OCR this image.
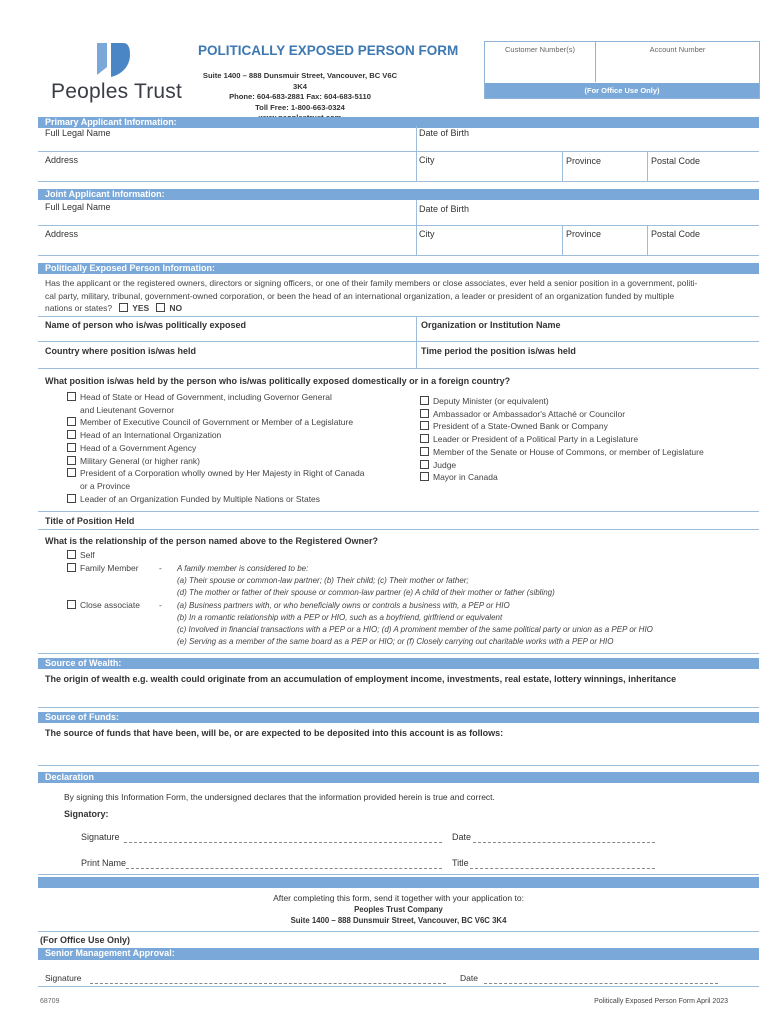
Peoples Trust
POLITICALLY EXPOSED PERSON FORM
Suite 1400 – 888 Dunsmuir Street, Vancouver, BC V6C 3K4
Phone: 604-683-2881 Fax: 604-683-5110
Toll Free: 1-800-663-0324
Customer Number(s)	Account Number
(For Office Use Only)
Primary Applicant Information:
Full Legal Name	Date of Birth
Address	City	Province	Postal Code
Joint Applicant Information:
Full Legal Name	Date of Birth
Address	City	Province	Postal Code
Politically Exposed Person Information:
Has the applicant or the registered owners, directors or signing officers, or one of their family members or close associates, ever held a senior position in a government, politi-
cal party, military, tribunal, government-owned corporation, or been the head of an international organization, a leader or president of an organization funded by multiple
nations or states? YES NO
Name of person who is/was politically exposed	Organization or Institution Name
Country where position is/was held	Time period the position is/was held
What position is/was held by the person who is/was politically exposed domestically or in a foreign country?
Head of State or Head of Government, including Governor General
and Lieutenant Governor
Member of Executive Council of Government or Member of a Legislature
Head of an International Organization
Head of a Government Agency
Military General (or higher rank)
President of a Corporation wholly owned by Her Majesty in Right of Canada
or a Province
Leader of an Organization Funded by Multiple Nations or States
Deputy Minister (or equivalent)
Ambassador or Ambassador's Attaché or Councilor
President of a State-Owned Bank or Company
Leader or President of a Political Party in a Legislature
Member of the Senate or House of Commons, or member of Legislature
Judge
Mayor in Canada
Title of Position Held
What is the relationship of the person named above to the Registered Owner?
Self
Family Member - A family member is considered to be:
(a) Their spouse or common-law partner; (b) Their child; (c) Their mother or father;
(d) The mother or father of their spouse or common-law partner (e) A child of their mother or father (sibling)
Close associate - (a) Business partners with, or who beneficially owns or controls a business with, a PEP or HIO
(b) In a romantic relationship with a PEP or HIO, such as a boyfriend, girlfriend or equivalent
(c) Involved in financial transactions with a PEP or a HIO; (d) A prominent member of the same political party or union as a PEP or HIO
(e) Serving as a member of the same board as a PEP or HIO; or (f) Closely carrying out charitable works with a PEP or HIO
Source of Wealth:
The origin of wealth e.g. wealth could originate from an accumulation of employment income, investments, real estate, lottery winnings, inheritance
Source of Funds:
The source of funds that have been, will be, or are expected to be deposited into this account is as follows:
Declaration
By signing this Information Form, the undersigned declares that the information provided herein is true and correct.
Signatory:
Signature	Date
Print Name	Title
After completing this form, send it together with your application to:
Peoples Trust Company
Suite 1400 – 888 Dunsmuir Street, Vancouver, BC V6C 3K4
(For Office Use Only)
Senior Management Approval:
Signature	Date
68709	Politically Exposed Person Form April 2023
